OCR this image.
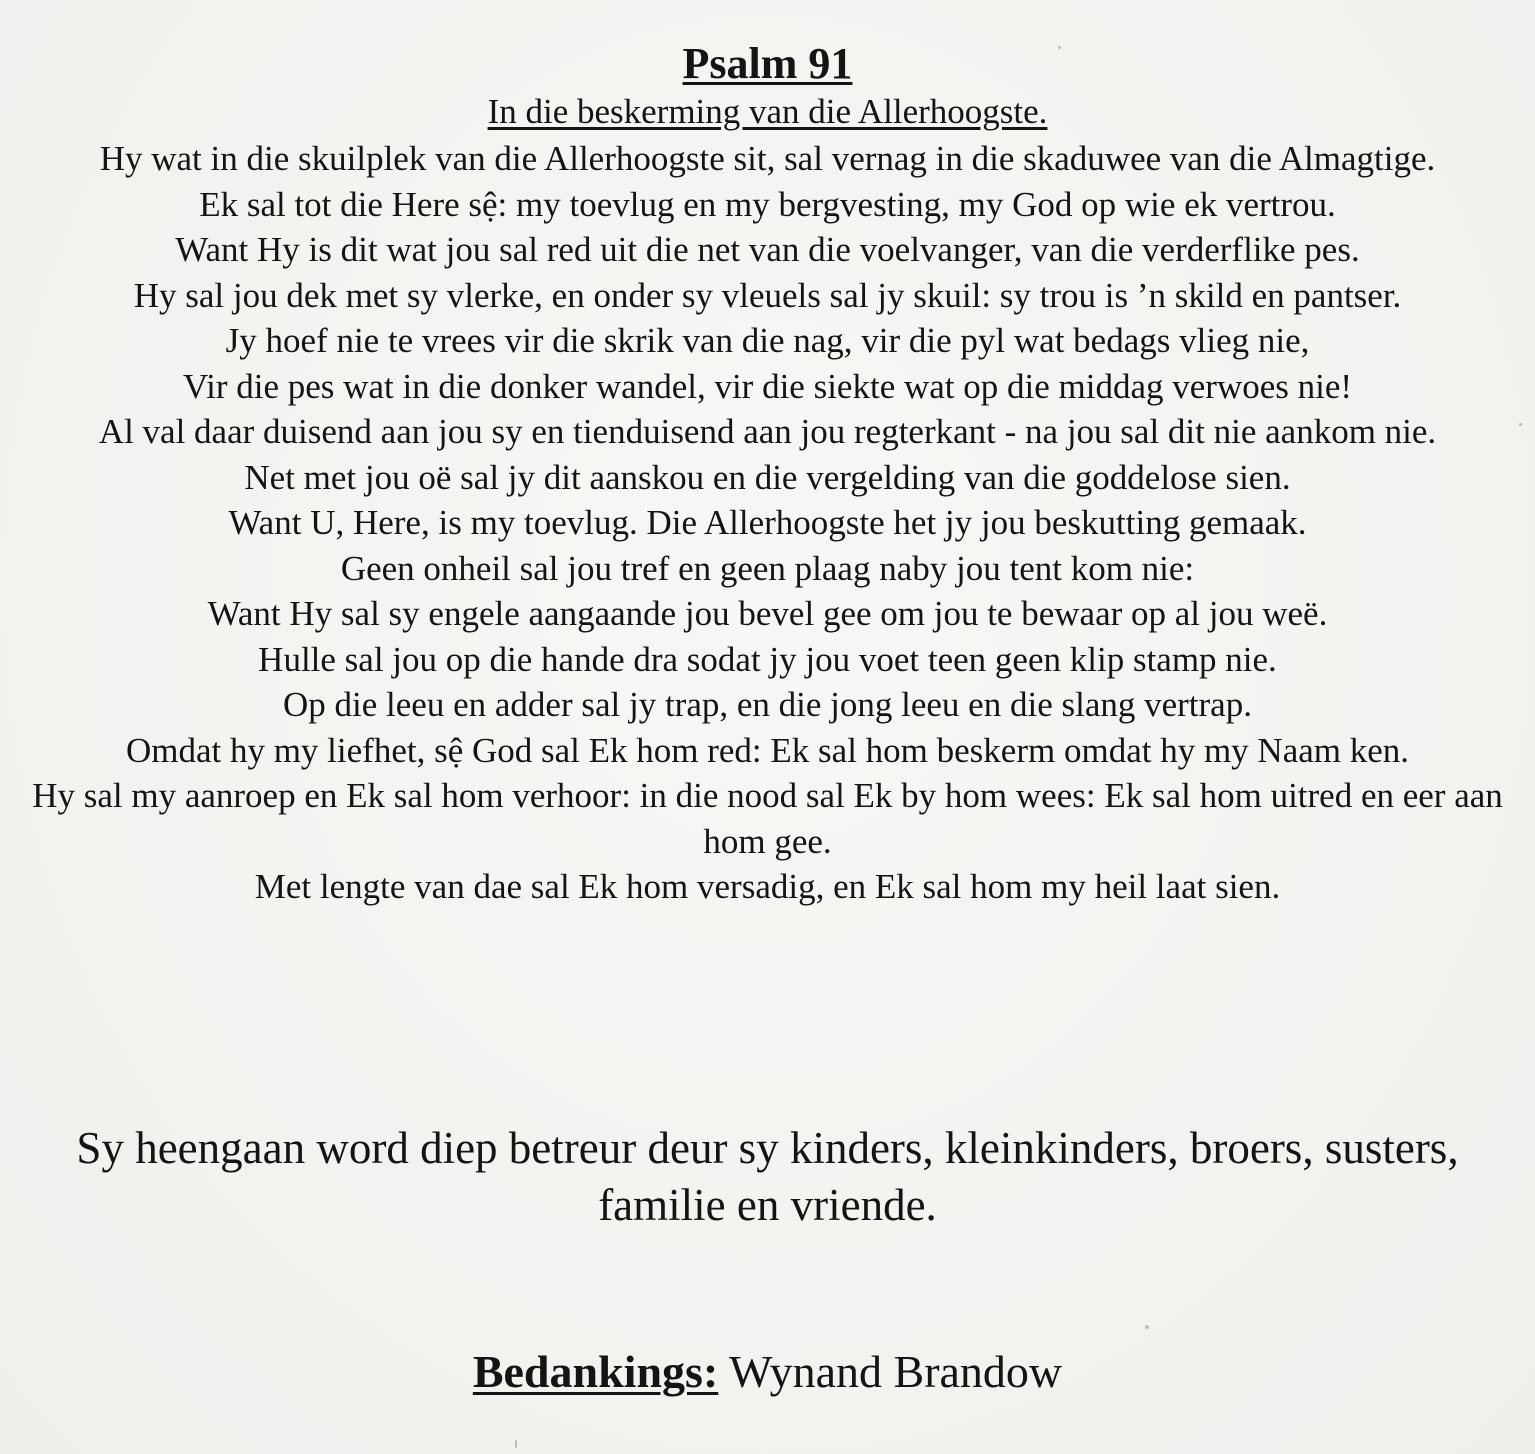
Psalm 91
In die beskerming van die Allerhoogste.

Hy wat in die skuilplek van die Allerhoogste sit, sal vernag in die skaduwee van die Almagtige.

Ek sal tot die Here sệ: my toevlug en my bergvesting, my God op wie ek vertrou.

Want Hy is dit wat jou sal red uit die net van die voelvanger, van die verderflike pes.

Hy sal jou dek met sy vlerke, en onder sy vleuels sal jy skuil: sy trou is ’n skild en pantser.

Jy hoef nie te vrees vir die skrik van die nag, vir die pyl wat bedags vlieg nie,

Vir die pes wat in die donker wandel, vir die siekte wat op die middag verwoes nie!

Al val daar duisend aan jou sy en tienduisend aan jou regterkant - na jou sal dit nie aankom nie.

Net met jou oë sal jy dit aanskou en die vergelding van die goddelose sien.

Want U, Here, is my toevlug. Die Allerhoogste het jy jou beskutting gemaak.

Geen onheil sal jou tref en geen plaag naby jou tent kom nie:

Want Hy sal sy engele aangaande jou bevel gee om jou te bewaar op al jou weë.

Hulle sal jou op die hande dra sodat jy jou voet teen geen klip stamp nie.

Op die leeu en adder sal jy trap, en die jong leeu en die slang vertrap.

Omdat hy my liefhet, sệ God sal Ek hom red: Ek sal hom beskerm omdat hy my Naam ken.

Hy sal my aanroep en Ek sal hom verhoor: in die nood sal Ek by hom wees: Ek sal hom uitred en eer aan hom gee.

Met lengte van dae sal Ek hom versadig, en Ek sal hom my heil laat sien.

Sy heengaan word diep betreur deur sy kinders, kleinkinders, broers, susters, familie en vriende.
Bedankings: Wynand Brandow
